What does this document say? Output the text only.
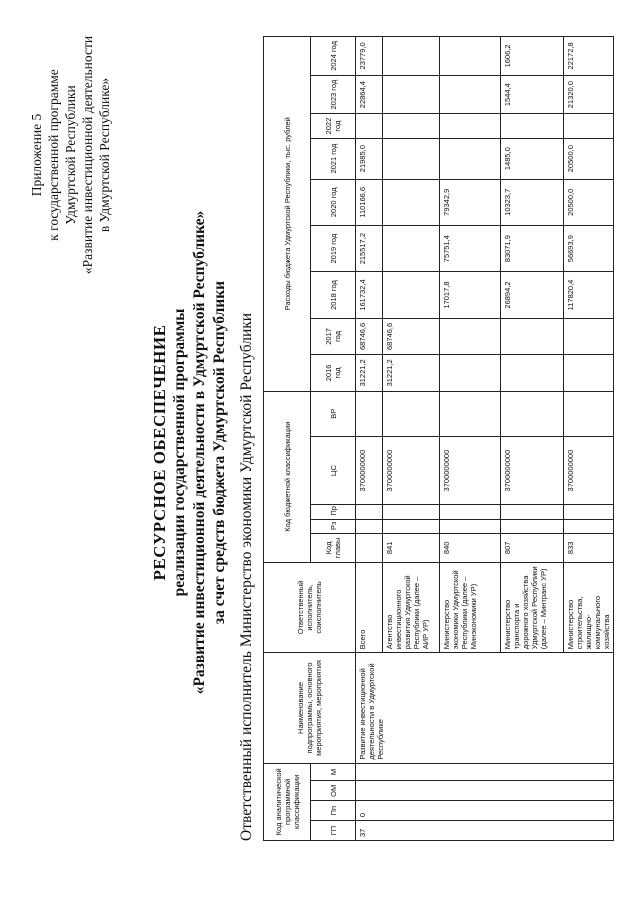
Приложение 5 к государственной программе Удмуртской Республики «Развитие инвестиционной деятельности в Удмуртской Республике»
РЕСУРСНОЕ ОБЕСПЕЧЕНИЕ реализации государственной программы «Развитие инвестиционной деятельности в Удмуртской Республике» за счет средств бюджета Удмуртской Республики
Ответственный исполнитель Министерство экономики Удмуртской Республики
Код аналитической программной классификации				Наименование подпрограммы, основного мероприятия, мероприятия	Ответственный исполнитель, соисполнитель	Код бюджетной классификации					Расходы бюджета Удмуртской Республики, тыс. рублей								
ГП	Пп	ОМ	М			Код главы	Рз	Пр	ЦС	ВР	2016 год	2017 год	2018 год	2019 год	2020 год	2021 год	2022 год	2023 год	2024 год
37	0			Развитие инвестиционной деятельности в Удмуртской Республике	Всего				3700000000		31221,2	68746,6	161732,4	215517,2	110166,6	21985,0		22864,4	23779,0
					Агентство инвестиционного развития Удмуртской Республики (далее – АИР УР)	841			3700000000		31221,2	68746,6							
					Министерство экономики Удмуртской Республики (далее – Минэкономики УР)	840			3700000000				17017,8	75751,4	79342,9				
					Министерство транспорта и дорожного хозяйства Удмуртской Республики (далее – Минтранс УР)	807			3700000000				26894,2	83071,9	10323,7	1485,0		1544,4	1606,2
					Министерство строительства, жилищно-коммунального хозяйства	833			3700000000				117820,4	56693,9	20500,0	20500,0		21320,0	22172,8
